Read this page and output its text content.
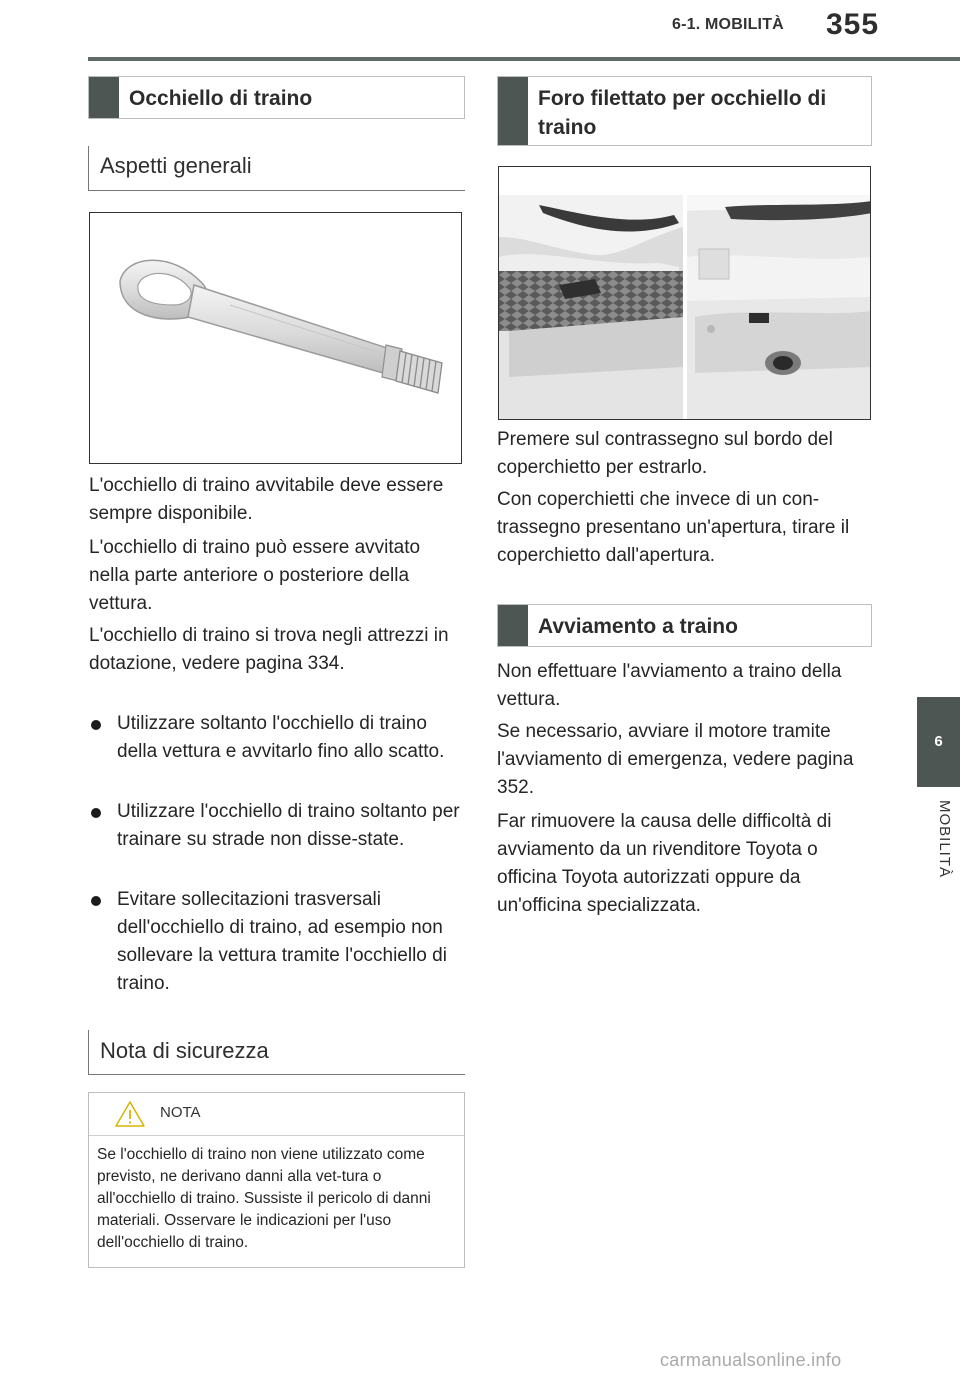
6-1. MOBILITÀ 355
6
MOBILITÀ
Occhiello di traino
Aspetti generali
L'occhiello di traino avvitabile deve essere sempre disponibile.
L'occhiello di traino può essere avvitato nella parte anteriore o posteriore della vettura.
L'occhiello di traino si trova negli attrezzi in dotazione, vedere pagina 334.
Utilizzare soltanto l'occhiello di traino della vettura e avvitarlo fino allo scatto.
Utilizzare l'occhiello di traino soltanto per trainare su strade non disse-state.
Evitare sollecitazioni trasversali dell'occhiello di traino, ad esempio non sollevare la vettura tramite l'occhiello di traino.
Nota di sicurezza
NOTA
Se l'occhiello di traino non viene utilizzato come previsto, ne derivano danni alla vet-tura o all'occhiello di traino. Sussiste il pericolo di danni materiali. Osservare le indicazioni per l'uso dell'occhiello di traino.
Foro filettato per occhiello di traino
Premere sul contrassegno sul bordo del coperchietto per estrarlo.
Con coperchietti che invece di un con-trassegno presentano un'apertura, tirare il coperchietto dall'apertura.
Avviamento a traino
Non effettuare l'avviamento a traino della vettura.
Se necessario, avviare il motore tramite l'avviamento di emergenza, vedere pagina 352.
Far rimuovere la causa delle difficoltà di avviamento da un rivenditore Toyota o officina Toyota autorizzati oppure da un'officina specializzata.
carmanualsonline.info
